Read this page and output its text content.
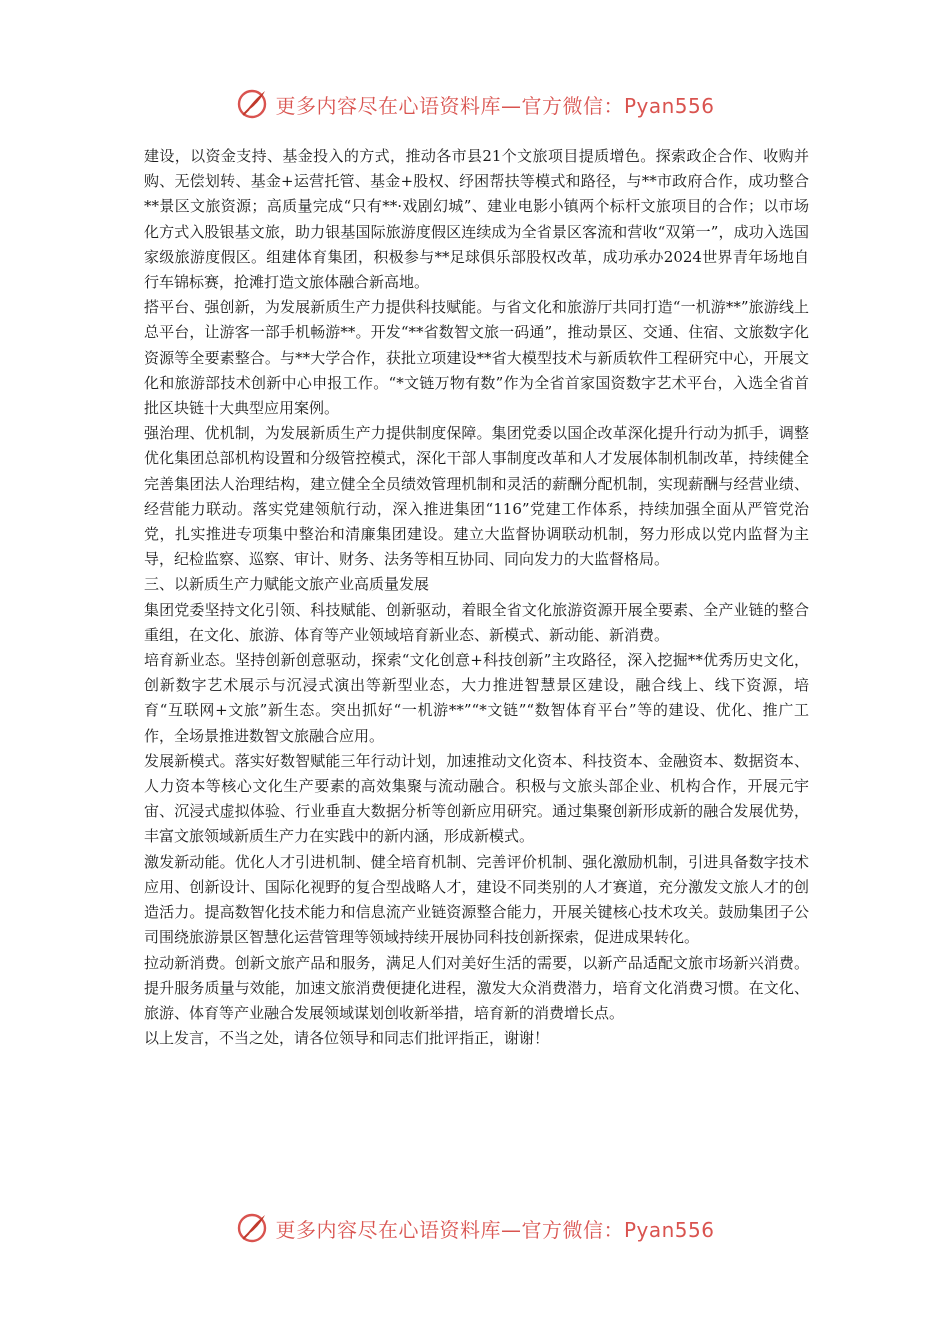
更多内容尽在心语资料库—官方微信：Pyan556

建设，以资金支持、基金投入的方式，推动各市县21个文旅项目提质增色。探索政企合作、收购并购、无偿划转、基金+运营托管、基金+股权、纾困帮扶等模式和路径，与**市政府合作，成功整合**景区文旅资源；高质量完成“只有**·戏剧幻城”、建业电影小镇两个标杆文旅项目的合作；以市场化方式入股银基文旅，助力银基国际旅游度假区连续成为全省景区客流和营收“双第一”，成功入选国家级旅游度假区。组建体育集团，积极参与**足球俱乐部股权改革，成功承办2024世界青年场地自行车锦标赛，抢滩打造文旅体融合新高地。

搭平台、强创新，为发展新质生产力提供科技赋能。与省文化和旅游厅共同打造“一机游**”旅游线上总平台，让游客一部手机畅游**。开发“**省数智文旅一码通”，推动景区、交通、住宿、文旅数字化资源等全要素整合。与**大学合作，获批立项建设**省大模型技术与新质软件工程研究中心，开展文化和旅游部技术创新中心申报工作。“*文链万物有数”作为全省首家国资数字艺术平台，入选全省首批区块链十大典型应用案例。

强治理、优机制，为发展新质生产力提供制度保障。集团党委以国企改革深化提升行动为抓手，调整优化集团总部机构设置和分级管控模式，深化干部人事制度改革和人才发展体制机制改革，持续健全完善集团法人治理结构，建立健全全员绩效管理机制和灵活的薪酬分配机制，实现薪酬与经营业绩、经营能力联动。落实党建领航行动，深入推进集团“116”党建工作体系，持续加强全面从严管党治党，扎实推进专项集中整治和清廉集团建设。建立大监督协调联动机制，努力形成以党内监督为主导，纪检监察、巡察、审计、财务、法务等相互协同、同向发力的大监督格局。

三、以新质生产力赋能文旅产业高质量发展

集团党委坚持文化引领、科技赋能、创新驱动，着眼全省文化旅游资源开展全要素、全产业链的整合重组，在文化、旅游、体育等产业领域培育新业态、新模式、新动能、新消费。

培育新业态。坚持创新创意驱动，探索“文化创意+科技创新”主攻路径，深入挖掘**优秀历史文化，创新数字艺术展示与沉浸式演出等新型业态，大力推进智慧景区建设，融合线上、线下资源，培育“互联网+文旅”新生态。突出抓好“一机游**”“*文链”“数智体育平台”等的建设、优化、推广工作，全场景推进数智文旅融合应用。

发展新模式。落实好数智赋能三年行动计划，加速推动文化资本、科技资本、金融资本、数据资本、人力资本等核心文化生产要素的高效集聚与流动融合。积极与文旅头部企业、机构合作，开展元宇宙、沉浸式虚拟体验、行业垂直大数据分析等创新应用研究。通过集聚创新形成新的融合发展优势，丰富文旅领域新质生产力在实践中的新内涵，形成新模式。

激发新动能。优化人才引进机制、健全培育机制、完善评价机制、强化激励机制，引进具备数字技术应用、创新设计、国际化视野的复合型战略人才，建设不同类别的人才赛道，充分激发文旅人才的创造活力。提高数智化技术能力和信息流产业链资源整合能力，开展关键核心技术攻关。鼓励集团子公司围绕旅游景区智慧化运营管理等领域持续开展协同科技创新探索，促进成果转化。

拉动新消费。创新文旅产品和服务，满足人们对美好生活的需要，以新产品适配文旅市场新兴消费。提升服务质量与效能，加速文旅消费便捷化进程，激发大众消费潜力，培育文化消费习惯。在文化、旅游、体育等产业融合发展领域谋划创收新举措，培育新的消费增长点。

以上发言，不当之处，请各位领导和同志们批评指正，谢谢！

更多内容尽在心语资料库—官方微信：Pyan556
